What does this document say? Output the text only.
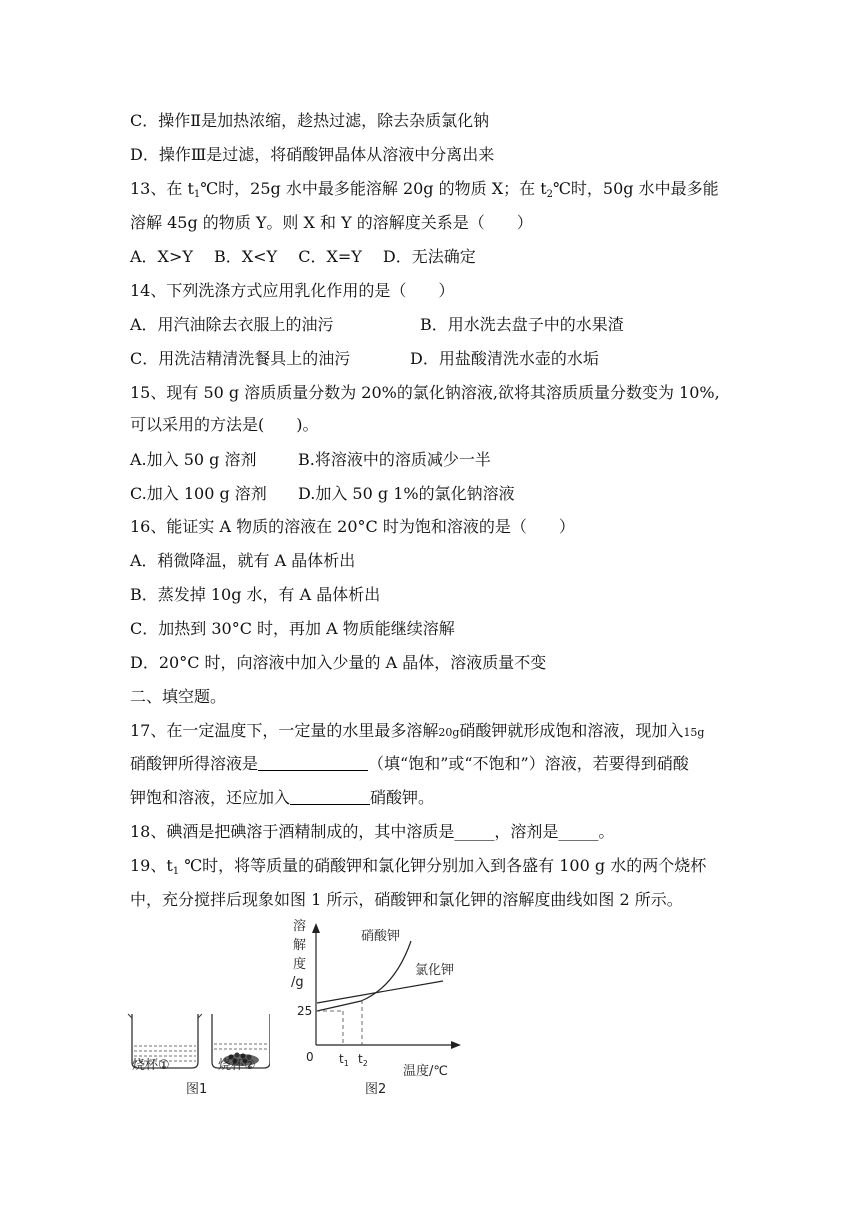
C．操作Ⅱ是加热浓缩，趁热过滤，除去杂质氯化钠
D．操作Ⅲ是过滤，将硝酸钾晶体从溶液中分离出来
13、在 $t_1℃$时，25g 水中最多能溶解 20g 的物质 X；在 $t_2℃$时，50g 水中最多能
溶解 45g 的物质 Y。则 X 和 Y 的溶解度关系是（　　）
A．X>Y　 B．X<Y　 C．X=Y　 D．无法确定
14、下列洗涤方式应用乳化作用的是（　　）
A．用汽油除去衣服上的油污	B．用水洗去盘子中的水果渣
C．用洗洁精清洗餐具上的油污	D．用盐酸清洗水壶的水垢
15、现有 50 g 溶质质量分数为 20%的氯化钠溶液,欲将其溶质质量分数变为 10%,
可以采用的方法是(　　)。
A.加入 50 g 溶剂	B.将溶液中的溶质减少一半
C.加入 100 g 溶剂 D.加入 50 g 1%的氯化钠溶液
16、能证实 A 物质的溶液在 20°C 时为饱和溶液的是（　　）
A．稍微降温，就有 A 晶体析出
B．蒸发掉 10g 水，有 A 晶体析出
C．加热到 30°C 时，再加 A 物质能继续溶解
D．20°C 时，向溶液中加入少量的 A 晶体，溶液质量不变
二、填空题。
17、在一定温度下，一定量的水里最多溶解20g硝酸钾就形成饱和溶液，现加入15g
硝酸钾所得溶液是	（填“饱和”或“不饱和”）溶液，若要得到硝酸
钾饱和溶液，还应加入	硝酸钾。
18、碘酒是把碘溶于酒精制成的，其中溶质是_____，溶剂是_____。
19、$t_1$ ℃时，将等质量的硝酸钾和氯化钾分别加入到各盛有 100 g 水的两个烧杯
中，充分搅拌后现象如图 1 所示，硝酸钾和氯化钾的溶解度曲线如图 2 所示。
烧杯①	烧杯②
图1
溶
解
度
/g
25
0 $t_1$ $t_2$
温度/℃
硝酸钾
氯化钾
图2
